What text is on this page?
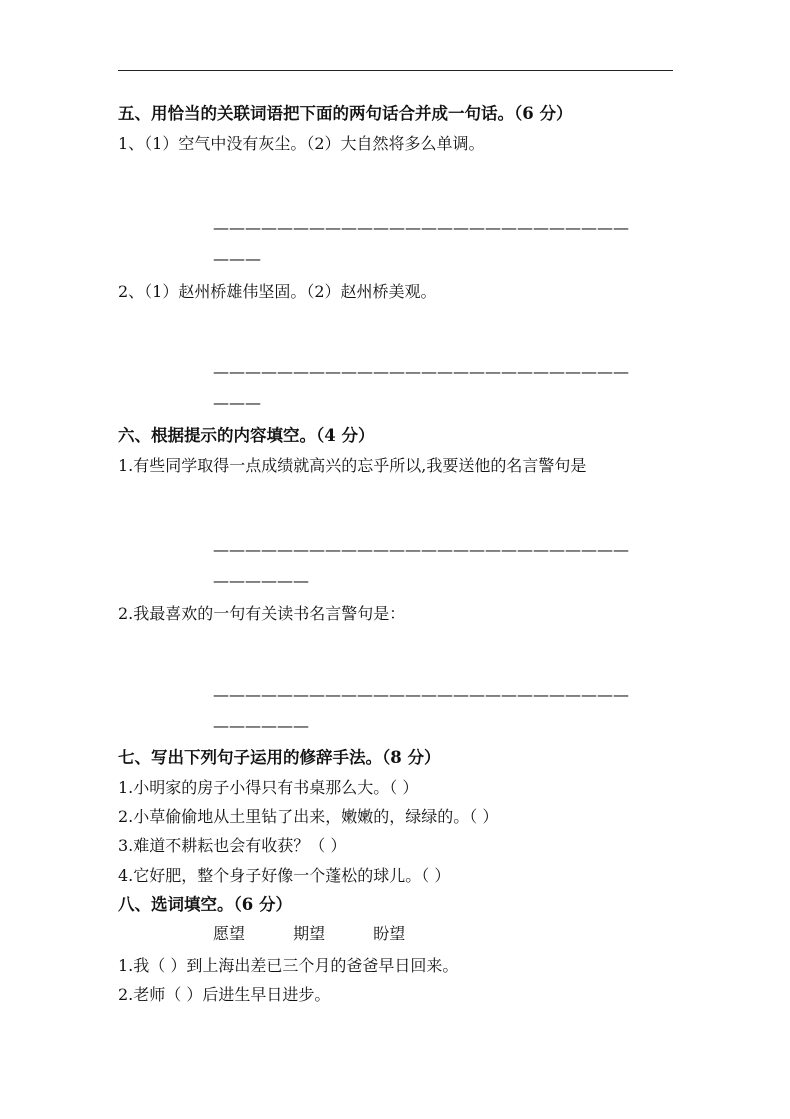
五、用恰当的关联词语把下面的两句话合并成一句话。（6 分）
1、（1）空气中没有灰尘。（2）大自然将多么单调。
——————————————————————————
———
2、（1）赵州桥雄伟坚固。（2）赵州桥美观。
——————————————————————————
———
六、根据提示的内容填空。（4 分）
1.有些同学取得一点成绩就高兴的忘乎所以,我要送他的名言警句是
——————————————————————————
——————
2.我最喜欢的一句有关读书名言警句是：
——————————————————————————
——————
七、写出下列句子运用的修辞手法。（8 分）
1.小明家的房子小得只有书桌那么大。（ ）
2.小草偷偷地从土里钻了出来，嫩嫩的，绿绿的。（ ）
3.难道不耕耘也会有收获？（ ）
4.它好肥，整个身子好像一个蓬松的球儿。（ ）
八、选词填空。（6 分）
愿望	期望	盼望
1.我（ ）到上海出差已三个月的爸爸早日回来。
2.老师（ ）后进生早日进步。
